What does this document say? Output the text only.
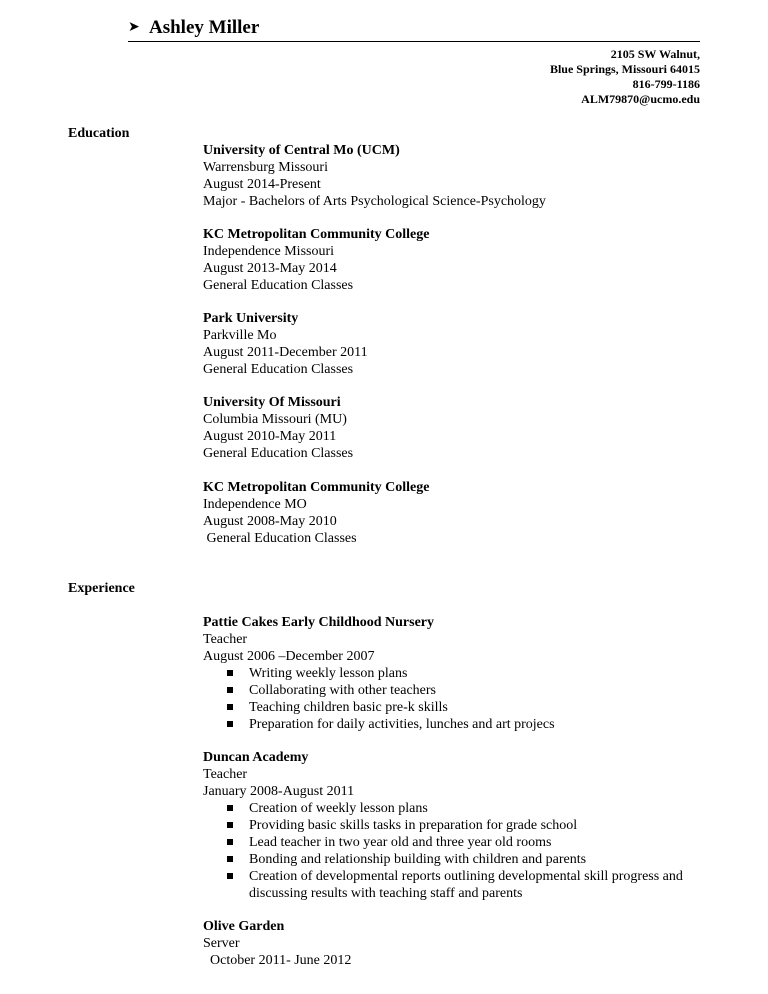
➤ Ashley Miller
2105 SW Walnut,
Blue Springs, Missouri 64015
816-799-1186
ALM79870@ucmo.edu
Education
University of Central Mo (UCM)
Warrensburg Missouri
August 2014-Present
Major - Bachelors of Arts Psychological Science-Psychology
KC Metropolitan Community College
Independence Missouri
August 2013-May 2014
General Education Classes
Park University
Parkville Mo
August 2011-December 2011
General Education Classes
University Of Missouri
Columbia Missouri (MU)
August 2010-May 2011
General Education Classes
KC Metropolitan Community College
Independence MO
August 2008-May 2010
General Education Classes
Experience
Pattie Cakes Early Childhood Nursery
Teacher
August 2006 –December 2007
Writing weekly lesson plans
Collaborating with other teachers
Teaching children basic pre-k skills
Preparation for daily activities, lunches and art projecs
Duncan Academy
Teacher
January 2008-August 2011
Creation of weekly lesson plans
Providing basic skills tasks in preparation for grade school
Lead teacher in two year old and three year old rooms
Bonding and relationship building with children and parents
Creation of developmental reports outlining developmental skill progress and discussing results with teaching staff and parents
Olive Garden
Server
October 2011- June 2012
